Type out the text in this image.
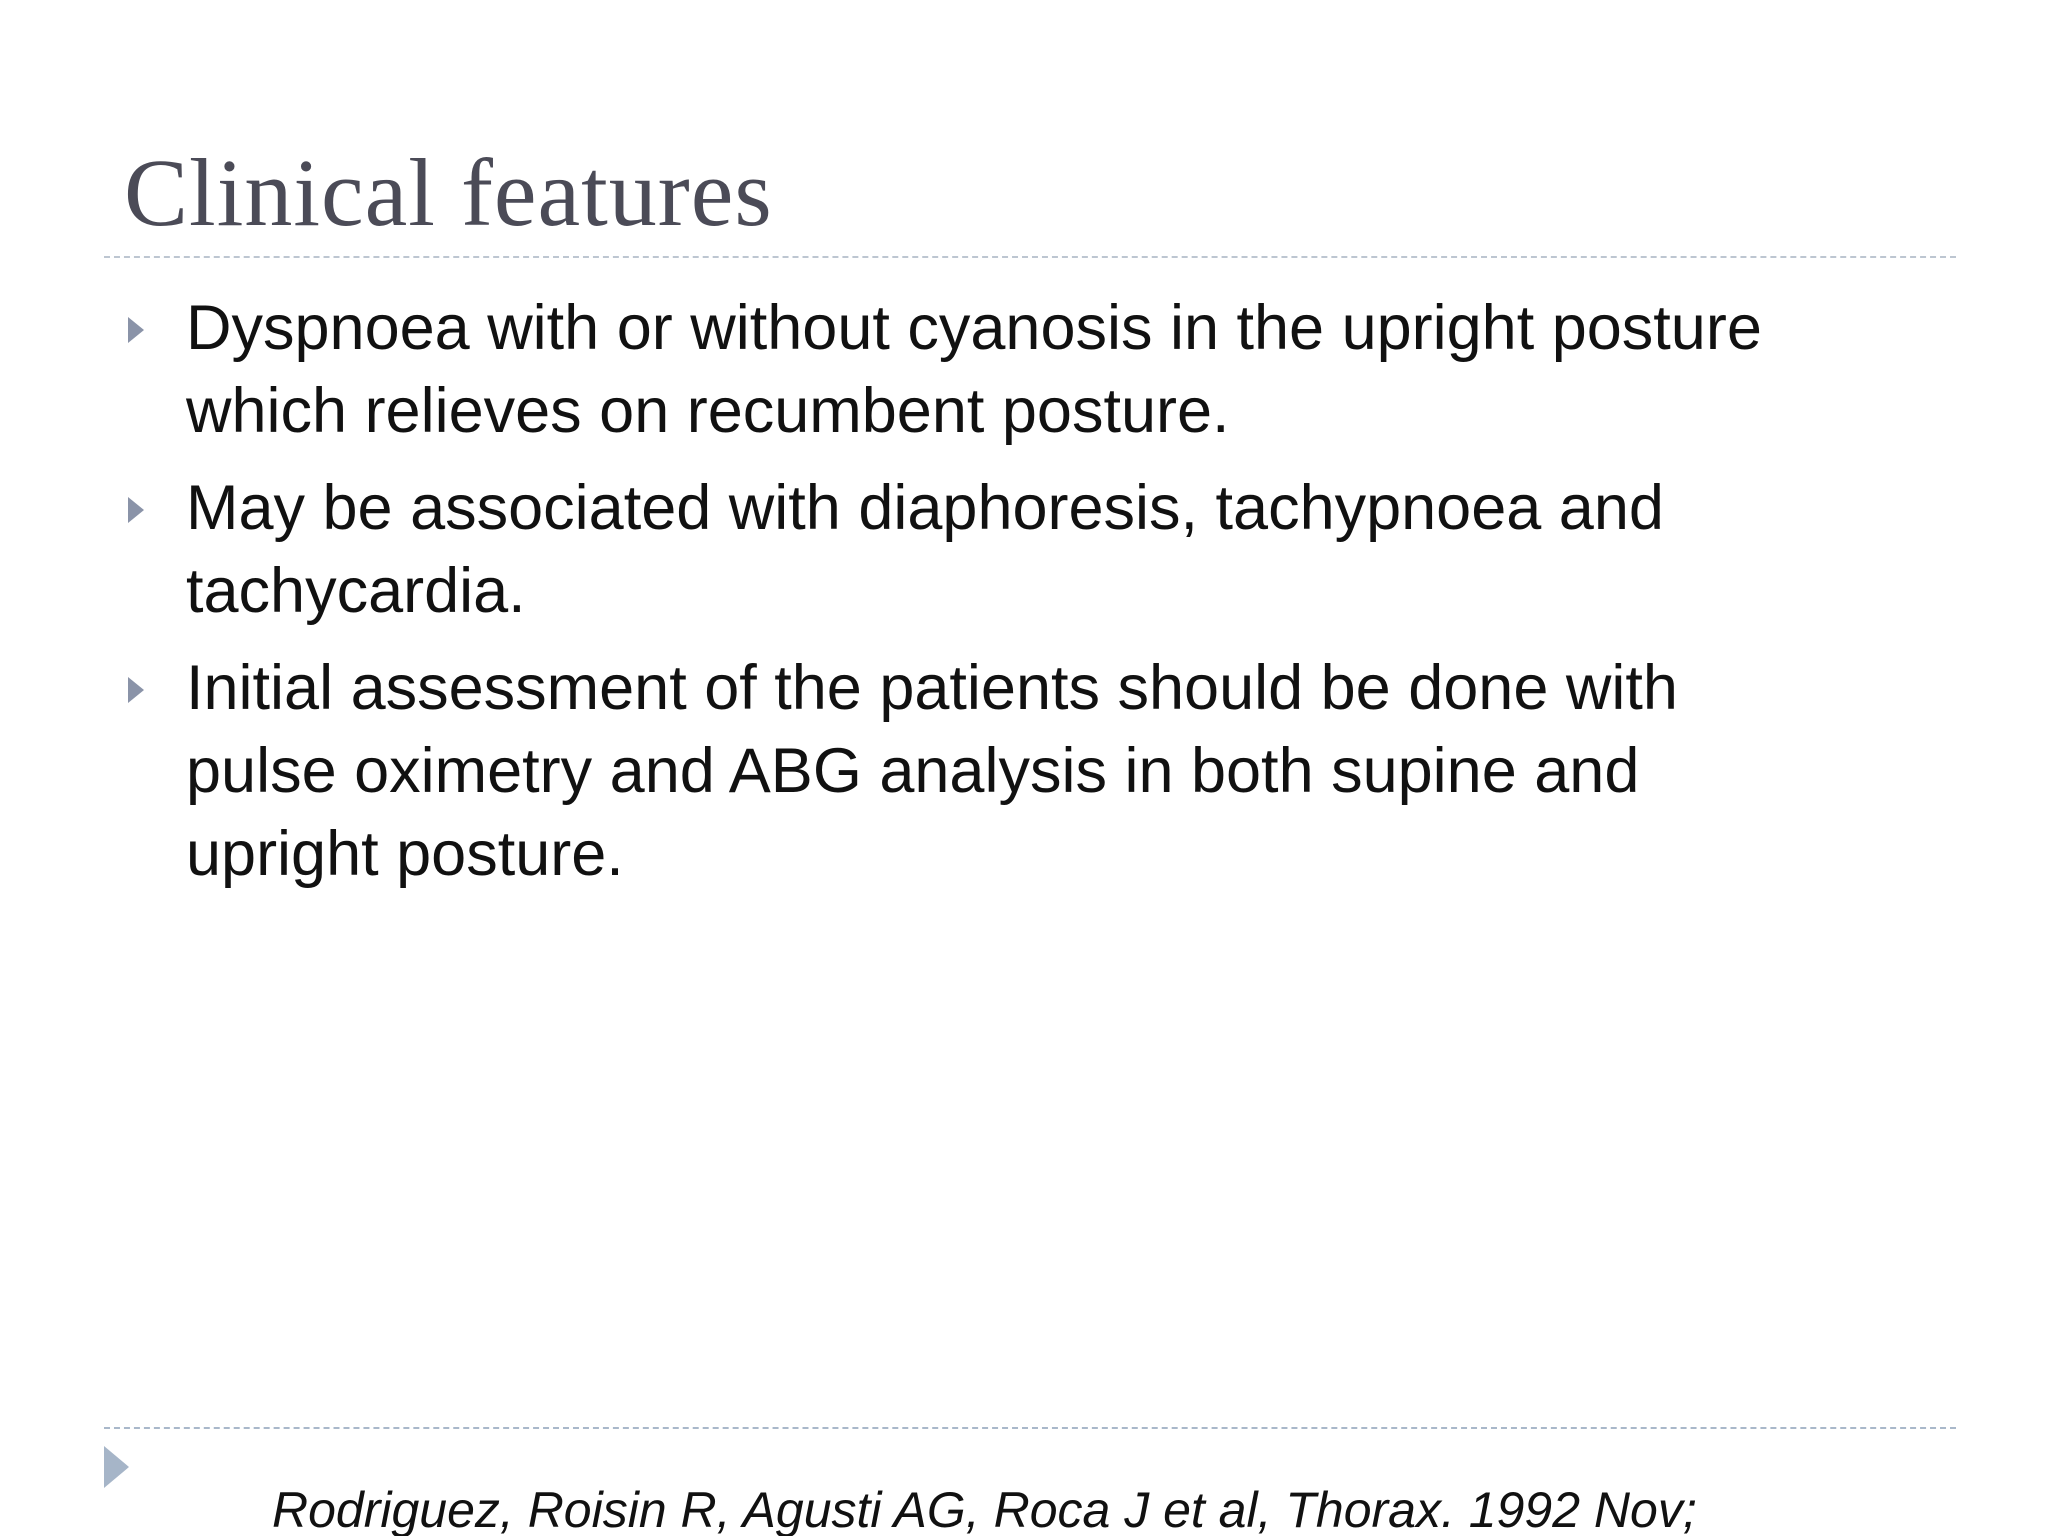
Clinical features
Dyspnoea with or without cyanosis in the upright posture
which relieves on recumbent posture.
May be associated with diaphoresis, tachypnoea and
tachycardia.
Initial assessment of the patients should be done with
pulse oximetry and ABG analysis in both supine and
upright posture.
Rodriguez, Roisin R, Agusti AG, Roca J et al, Thorax. 1992 Nov;
